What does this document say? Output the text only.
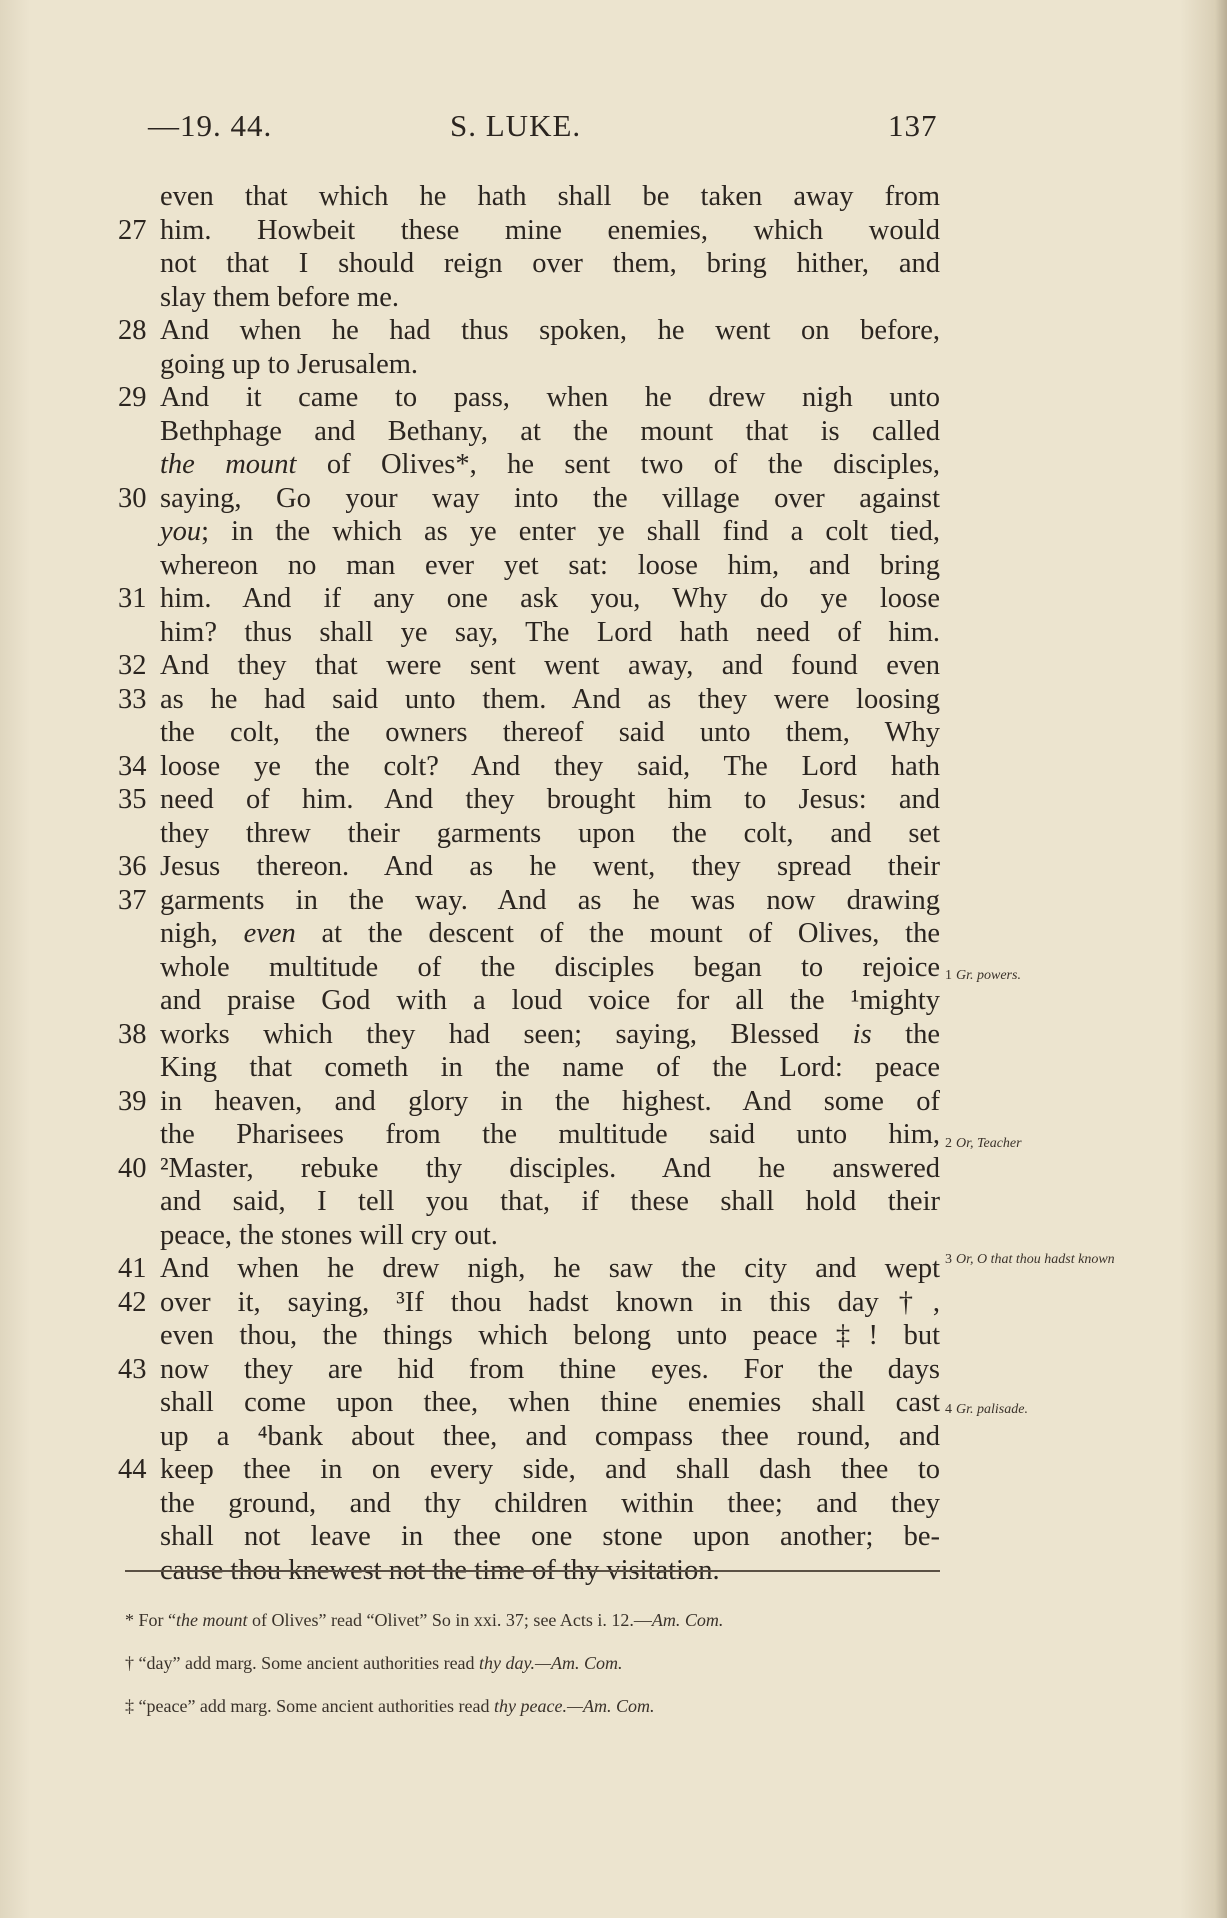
—19. 44.	S. LUKE.	137
even that which he hath shall be taken away from
27 him. Howbeit these mine enemies, which would
not that I should reign over them, bring hither, and
slay them before me.
28 And when he had thus spoken, he went on before,
going up to Jerusalem.
29 And it came to pass, when he drew nigh unto
Bethphage and Bethany, at the mount that is called
the mount of Olives*, he sent two of the disciples,
30 saying, Go your way into the village over against
you; in the which as ye enter ye shall find a colt tied,
whereon no man ever yet sat: loose him, and bring
31 him. And if any one ask you, Why do ye loose
him? thus shall ye say, The Lord hath need of him.
32 And they that were sent went away, and found even
33 as he had said unto them. And as they were loosing
the colt, the owners thereof said unto them, Why
34 loose ye the colt? And they said, The Lord hath
35 need of him. And they brought him to Jesus: and
they threw their garments upon the colt, and set
36 Jesus thereon. And as he went, they spread their
37 garments in the way. And as he was now drawing
nigh, even at the descent of the mount of Olives, the
whole multitude of the disciples began to rejoice
and praise God with a loud voice for all the ¹mighty
38 works which they had seen; saying, Blessed is the
King that cometh in the name of the Lord: peace
39 in heaven, and glory in the highest. And some of
the Pharisees from the multitude said unto him,
40 ²Master, rebuke thy disciples. And he answered
and said, I tell you that, if these shall hold their
peace, the stones will cry out.
41 And when he drew nigh, he saw the city and wept
42 over it, saying, ³If thou hadst known in this day†,
even thou, the things which belong unto peace‡! but
43 now they are hid from thine eyes. For the days
shall come upon thee, when thine enemies shall cast
up a ⁴bank about thee, and compass thee round, and
44 keep thee in on every side, and shall dash thee to
the ground, and thy children within thee; and they
shall not leave in thee one stone upon another; be-
cause thou knewest not the time of thy visitation.
1 Gr. powers.
2 Or, Teacher
3 Or, O that thou hadst known
4 Gr. palisade.

* For “the mount of Olives” read “Olivet” So in xxi. 37; see Acts i. 12.—Am. Com.

† “day” add marg. Some ancient authorities read thy day.—Am. Com.

‡ “peace” add marg. Some ancient authorities read thy peace.—Am. Com.
